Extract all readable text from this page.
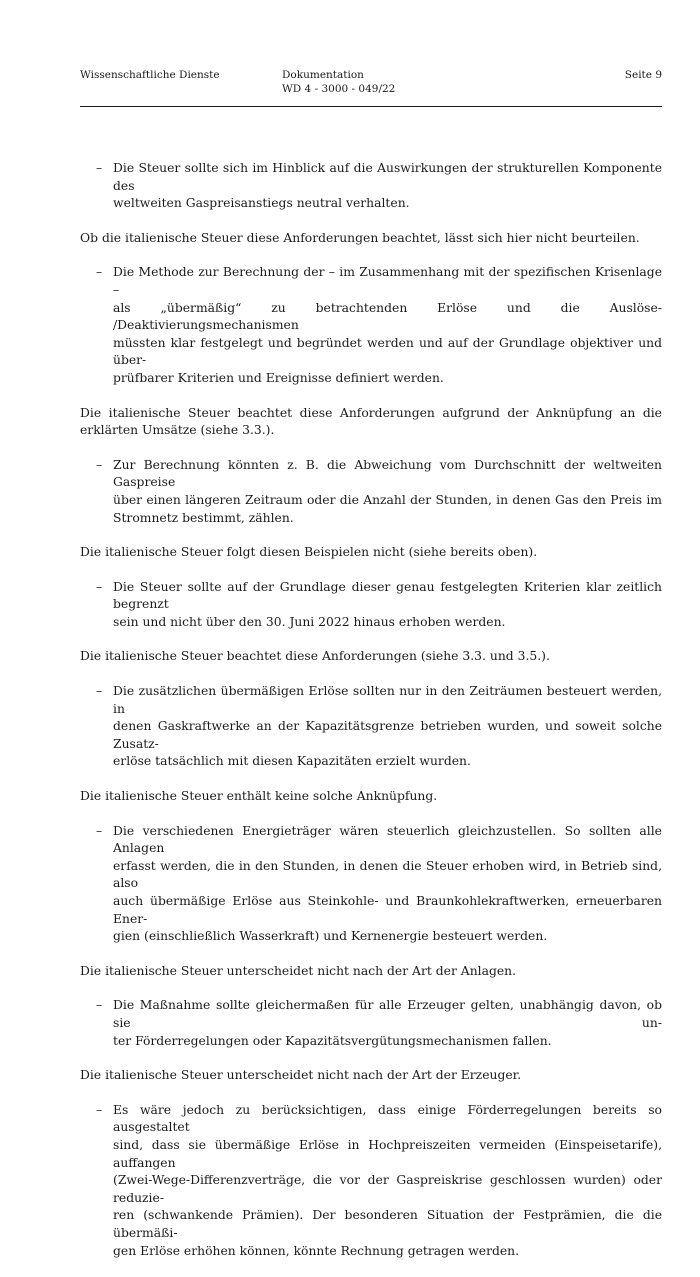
Wissenschaftliche Dienste	Dokumentation
WD 4 - 3000 - 049/22
Seite 9
– Die Steuer sollte sich im Hinblick auf die Auswirkungen der strukturellen Komponente des
weltweiten Gaspreisanstiegs neutral verhalten.

Ob die italienische Steuer diese Anforderungen beachtet, lässt sich hier nicht beurteilen.

– Die Methode zur Berechnung der – im Zusammenhang mit der spezifischen Krisenlage –
als „übermäßig“ zu betrachtenden Erlöse und die Auslöse- /Deaktivierungsmechanismen
müssten klar festgelegt und begründet werden und auf der Grundlage objektiver und über-
prüfbarer Kriterien und Ereignisse definiert werden.

Die italienische Steuer beachtet diese Anforderungen aufgrund der Anknüpfung an die erklärten Umsätze (siehe 3.3.).

– Zur Berechnung könnten z. B. die Abweichung vom Durchschnitt der weltweiten Gaspreise
über einen längeren Zeitraum oder die Anzahl der Stunden, in denen Gas den Preis im
Stromnetz bestimmt, zählen.

Die italienische Steuer folgt diesen Beispielen nicht (siehe bereits oben).

– Die Steuer sollte auf der Grundlage dieser genau festgelegten Kriterien klar zeitlich begrenzt
sein und nicht über den 30. Juni 2022 hinaus erhoben werden.

Die italienische Steuer beachtet diese Anforderungen (siehe 3.3. und 3.5.).

– Die zusätzlichen übermäßigen Erlöse sollten nur in den Zeiträumen besteuert werden, in
denen Gaskraftwerke an der Kapazitätsgrenze betrieben wurden, und soweit solche Zusatz-
erlöse tatsächlich mit diesen Kapazitäten erzielt wurden.

Die italienische Steuer enthält keine solche Anknüpfung.

– Die verschiedenen Energieträger wären steuerlich gleichzustellen. So sollten alle Anlagen
erfasst werden, die in den Stunden, in denen die Steuer erhoben wird, in Betrieb sind, also
auch übermäßige Erlöse aus Steinkohle- und Braunkohlekraftwerken, erneuerbaren Ener-
gien (einschließlich Wasserkraft) und Kernenergie besteuert werden.

Die italienische Steuer unterscheidet nicht nach der Art der Anlagen.

– Die Maßnahme sollte gleichermaßen für alle Erzeuger gelten, unabhängig davon, ob sie un-
ter Förderregelungen oder Kapazitätsvergütungsmechanismen fallen.

Die italienische Steuer unterscheidet nicht nach der Art der Erzeuger.

– Es wäre jedoch zu berücksichtigen, dass einige Förderregelungen bereits so ausgestaltet
sind, dass sie übermäßige Erlöse in Hochpreiszeiten vermeiden (Einspeisetarife), auffangen
(Zwei-Wege-Differenzverträge, die vor der Gaspreiskrise geschlossen wurden) oder reduzie-
ren (schwankende Prämien). Der besonderen Situation der Festprämien, die die übermäßi-
gen Erlöse erhöhen können, könnte Rechnung getragen werden.
